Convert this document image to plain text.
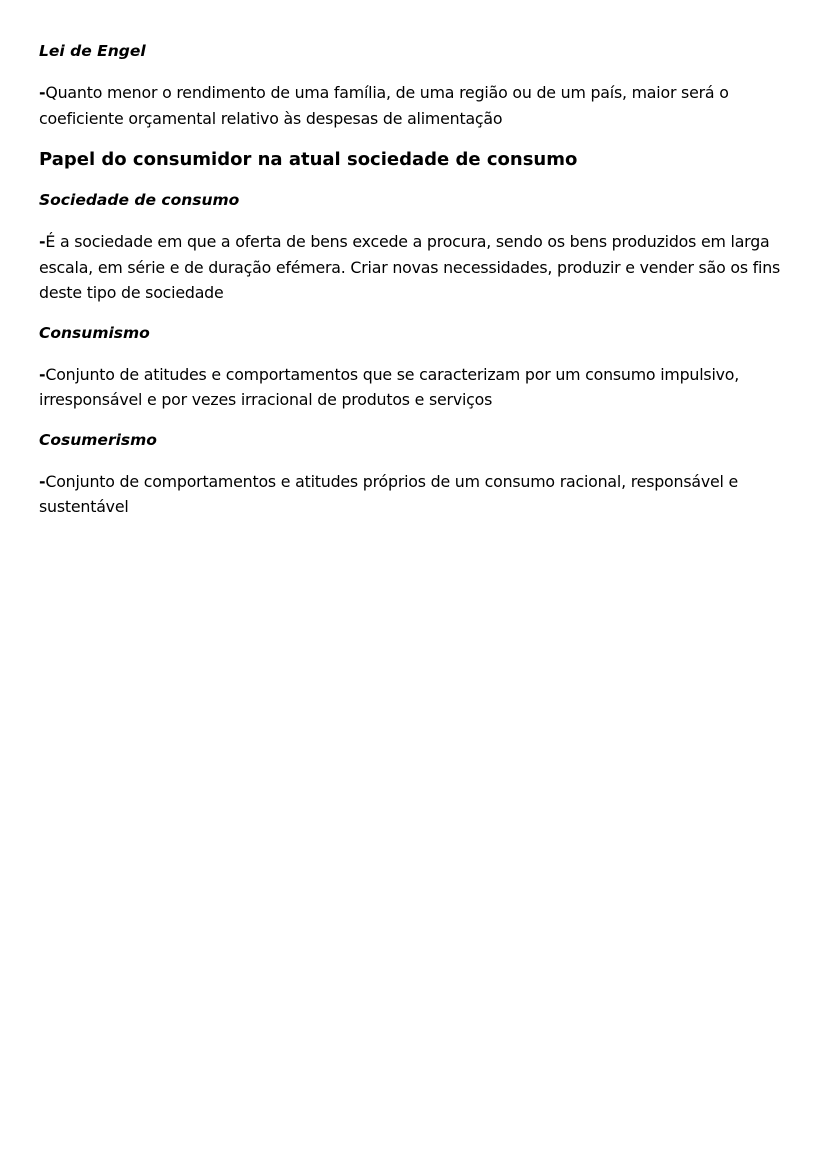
Lei de Engel

-Quanto menor o rendimento de uma família, de uma região ou de um país, maior será o coeficiente orçamental relativo às despesas de alimentação

Papel do consumidor na atual sociedade de consumo

Sociedade de consumo

-É a sociedade em que a oferta de bens excede a procura, sendo os bens produzidos em larga escala, em série e de duração efémera. Criar novas necessidades, produzir e vender são os fins deste tipo de sociedade

Consumismo

-Conjunto de atitudes e comportamentos que se caracterizam por um consumo impulsivo, irresponsável e por vezes irracional de produtos e serviços

Cosumerismo

-Conjunto de comportamentos e atitudes próprios de um consumo racional, responsável e sustentável
